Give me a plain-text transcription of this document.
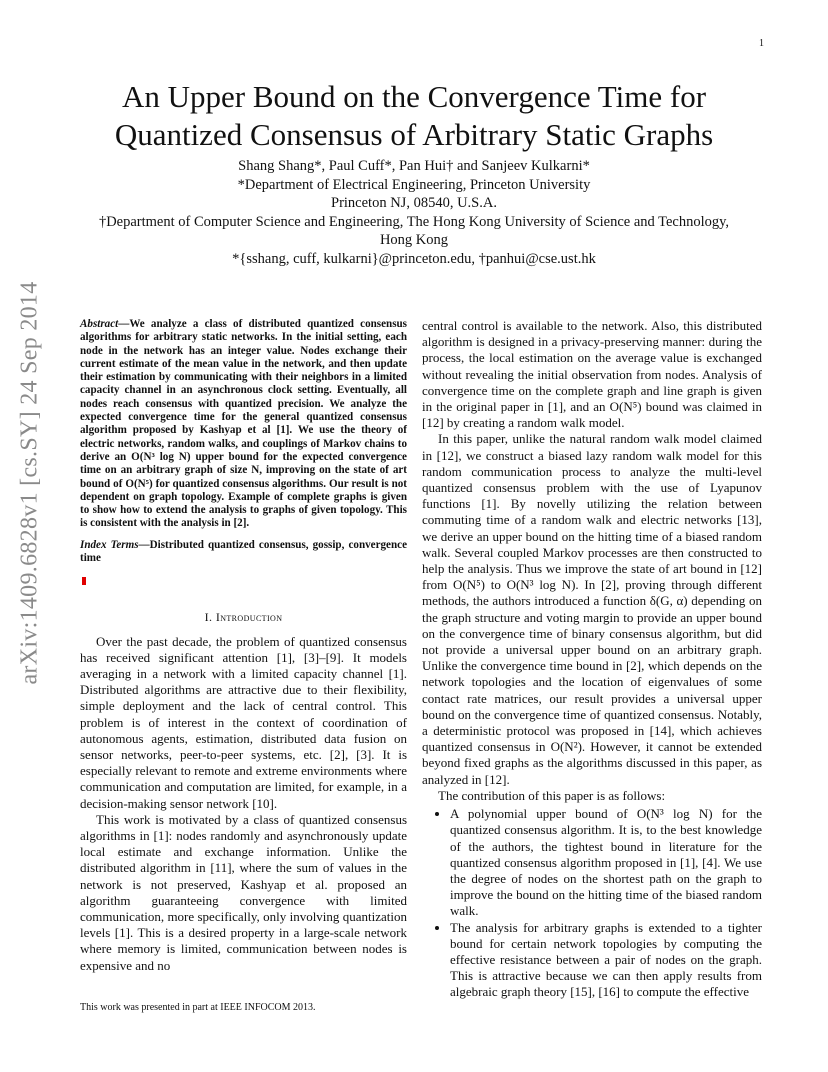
1
arXiv:1409.6828v1 [cs.SY] 24 Sep 2014
An Upper Bound on the Convergence Time for
Quantized Consensus of Arbitrary Static Graphs
Shang Shang*, Paul Cuff*, Pan Hui† and Sanjeev Kulkarni*
*Department of Electrical Engineering, Princeton University
Princeton NJ, 08540, U.S.A.
†Department of Computer Science and Engineering, The Hong Kong University of Science and Technology,
Hong Kong
*{sshang, cuff, kulkarni}@princeton.edu, †panhui@cse.ust.hk
Abstract—We analyze a class of distributed quantized consensus algorithms for arbitrary static networks. In the initial setting, each node in the network has an integer value. Nodes exchange their current estimate of the mean value in the network, and then update their estimation by communicating with their neighbors in a limited capacity channel in an asynchronous clock setting. Eventually, all nodes reach consensus with quantized precision. We analyze the expected convergence time for the general quantized consensus algorithm proposed by Kashyap et al [1]. We use the theory of electric networks, random walks, and couplings of Markov chains to derive an O(N³ log N) upper bound for the expected convergence time on an arbitrary graph of size N, improving on the state of art bound of O(N⁵) for quantized consensus algorithms. Our result is not dependent on graph topology. Example of complete graphs is given to show how to extend the analysis to graphs of given topology. This is consistent with the analysis in [2].
Index Terms—Distributed quantized consensus, gossip, convergence time
I. Introduction

Over the past decade, the problem of quantized consensus has received significant attention [1], [3]–[9]. It models averaging in a network with a limited capacity channel [1]. Distributed algorithms are attractive due to their flexibility, simple deployment and the lack of central control. This problem is of interest in the context of coordination of autonomous agents, estimation, distributed data fusion on sensor networks, peer-to-peer systems, etc. [2], [3]. It is especially relevant to remote and extreme environments where communication and computation are limited, for example, in a decision-making sensor network [10].

This work is motivated by a class of quantized consensus algorithms in [1]: nodes randomly and asynchronously update local estimate and exchange information. Unlike the distributed algorithm in [11], where the sum of values in the network is not preserved, Kashyap et al. proposed an algorithm guaranteeing convergence with limited communication, more specifically, only involving quantization levels [1]. This is a desired property in a large-scale network where memory is limited, communication between nodes is expensive and no

central control is available to the network. Also, this distributed algorithm is designed in a privacy-preserving manner: during the process, the local estimation on the average value is exchanged without revealing the initial observation from nodes. Analysis of convergence time on the complete graph and line graph is given in the original paper in [1], and an O(N⁵) bound was claimed in [12] by creating a random walk model.

In this paper, unlike the natural random walk model claimed in [12], we construct a biased lazy random walk model for this random communication process to analyze the multi-level quantized consensus problem with the use of Lyapunov functions [1]. By novelly utilizing the relation between commuting time of a random walk and electric networks [13], we derive an upper bound on the hitting time of a biased random walk. Several coupled Markov processes are then constructed to help the analysis. Thus we improve the state of art bound in [12] from O(N⁵) to O(N³ log N). In [2], proving through different methods, the authors introduced a function δ(G, α) depending on the graph structure and voting margin to provide an upper bound on the convergence time of binary consensus algorithm, but did not provide a universal upper bound on an arbitrary graph. Unlike the convergence time bound in [2], which depends on the network topologies and the location of eigenvalues of some contact rate matrices, our result provides a universal upper bound on the convergence time of quantized consensus. Notably, a deterministic protocol was proposed in [14], which achieves quantized consensus in O(N²). However, it cannot be extended beyond fixed graphs as the algorithms discussed in this paper, as analyzed in [12].

The contribution of this paper is as follows:

• A polynomial upper bound of O(N³ log N) for the quantized consensus algorithm. It is, to the best knowledge of the authors, the tightest bound in literature for the quantized consensus algorithm proposed in [1], [4]. We use the degree of nodes on the shortest path on the graph to improve the bound on the hitting time of the biased random walk.
• The analysis for arbitrary graphs is extended to a tighter bound for certain network topologies by computing the effective resistance between a pair of nodes on the graph. This is attractive because we can then apply results from algebraic graph theory [15], [16] to compute the effective
This work was presented in part at IEEE INFOCOM 2013.
